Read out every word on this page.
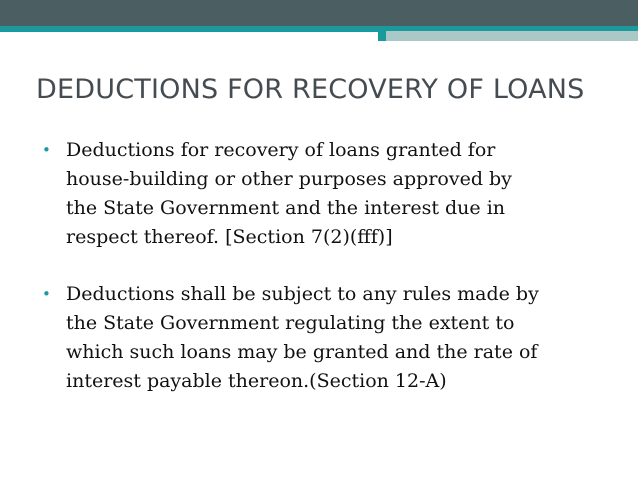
DEDUCTIONS FOR RECOVERY OF LOANS
• Deductions for recovery of loans granted for
house-building or other purposes approved by
the State Government and the interest due in
respect thereof. [Section 7(2)(fff)]
• Deductions shall be subject to any rules made by
the State Government regulating the extent to
which such loans may be granted and the rate of
interest payable thereon.(Section 12-A)
